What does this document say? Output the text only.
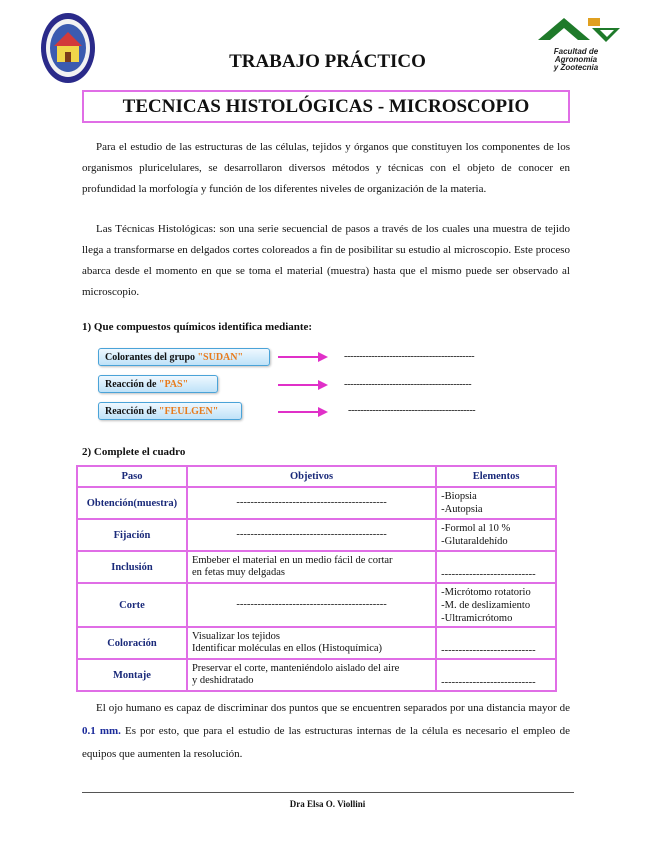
Facultad de
Agronomía
y Zootecnia
TRABAJO PRÁCTICO
TECNICAS HISTOLÓGICAS - MICROSCOPIO
Para el estudio de las estructuras de las células, tejidos y órganos que constituyen los componentes de los organismos pluricelulares, se desarrollaron diversos métodos y técnicas con el objeto de conocer en profundidad la morfología y función de los diferentes niveles de organización de la materia.
Las Técnicas Histológicas: son una serie secuencial de pasos a través de los cuales una muestra de tejido llega a transformarse en delgados cortes coloreados a fin de posibilitar su estudio al microscopio. Este proceso abarca desde el momento en que se toma el material (muestra) hasta que el mismo puede ser observado al microscopio.
1) Que compuestos químicos identifica mediante:
Colorantes del grupo
"SUDAN"	-------------------------------------------
Reacción de
"PAS"	------------------------------------------
Reacción de
"FEULGEN"	------------------------------------------
2) Complete el cuadro
Paso	Objetivos	Elementos
Obtención(muestra)	-------------------------------------------	-Biopsia
-Autopsia

Fijación	-------------------------------------------	-Formol al 10 %
-Glutaraldehído

Inclusión	Embeber el material en un medio fácil de cortar
en fetas muy delgadas	---------------------------

Corte	-------------------------------------------	-Micrótomo rotatorio
-M. de deslizamiento
-Ultramicrótomo

Coloración	Visualizar los tejidos
Identificar moléculas en ellos (Histoquímica)	---------------------------

Montaje	Preservar el corte, manteniéndolo aislado del aire
y deshidratado	---------------------------
El ojo humano es capaz de discriminar dos puntos que se encuentren separados por una distancia mayor de 0.1 mm. Es por esto, que para el estudio de las estructuras internas de la célula es necesario el empleo de equipos que aumenten la resolución.
Dra Elsa O. Viollini
